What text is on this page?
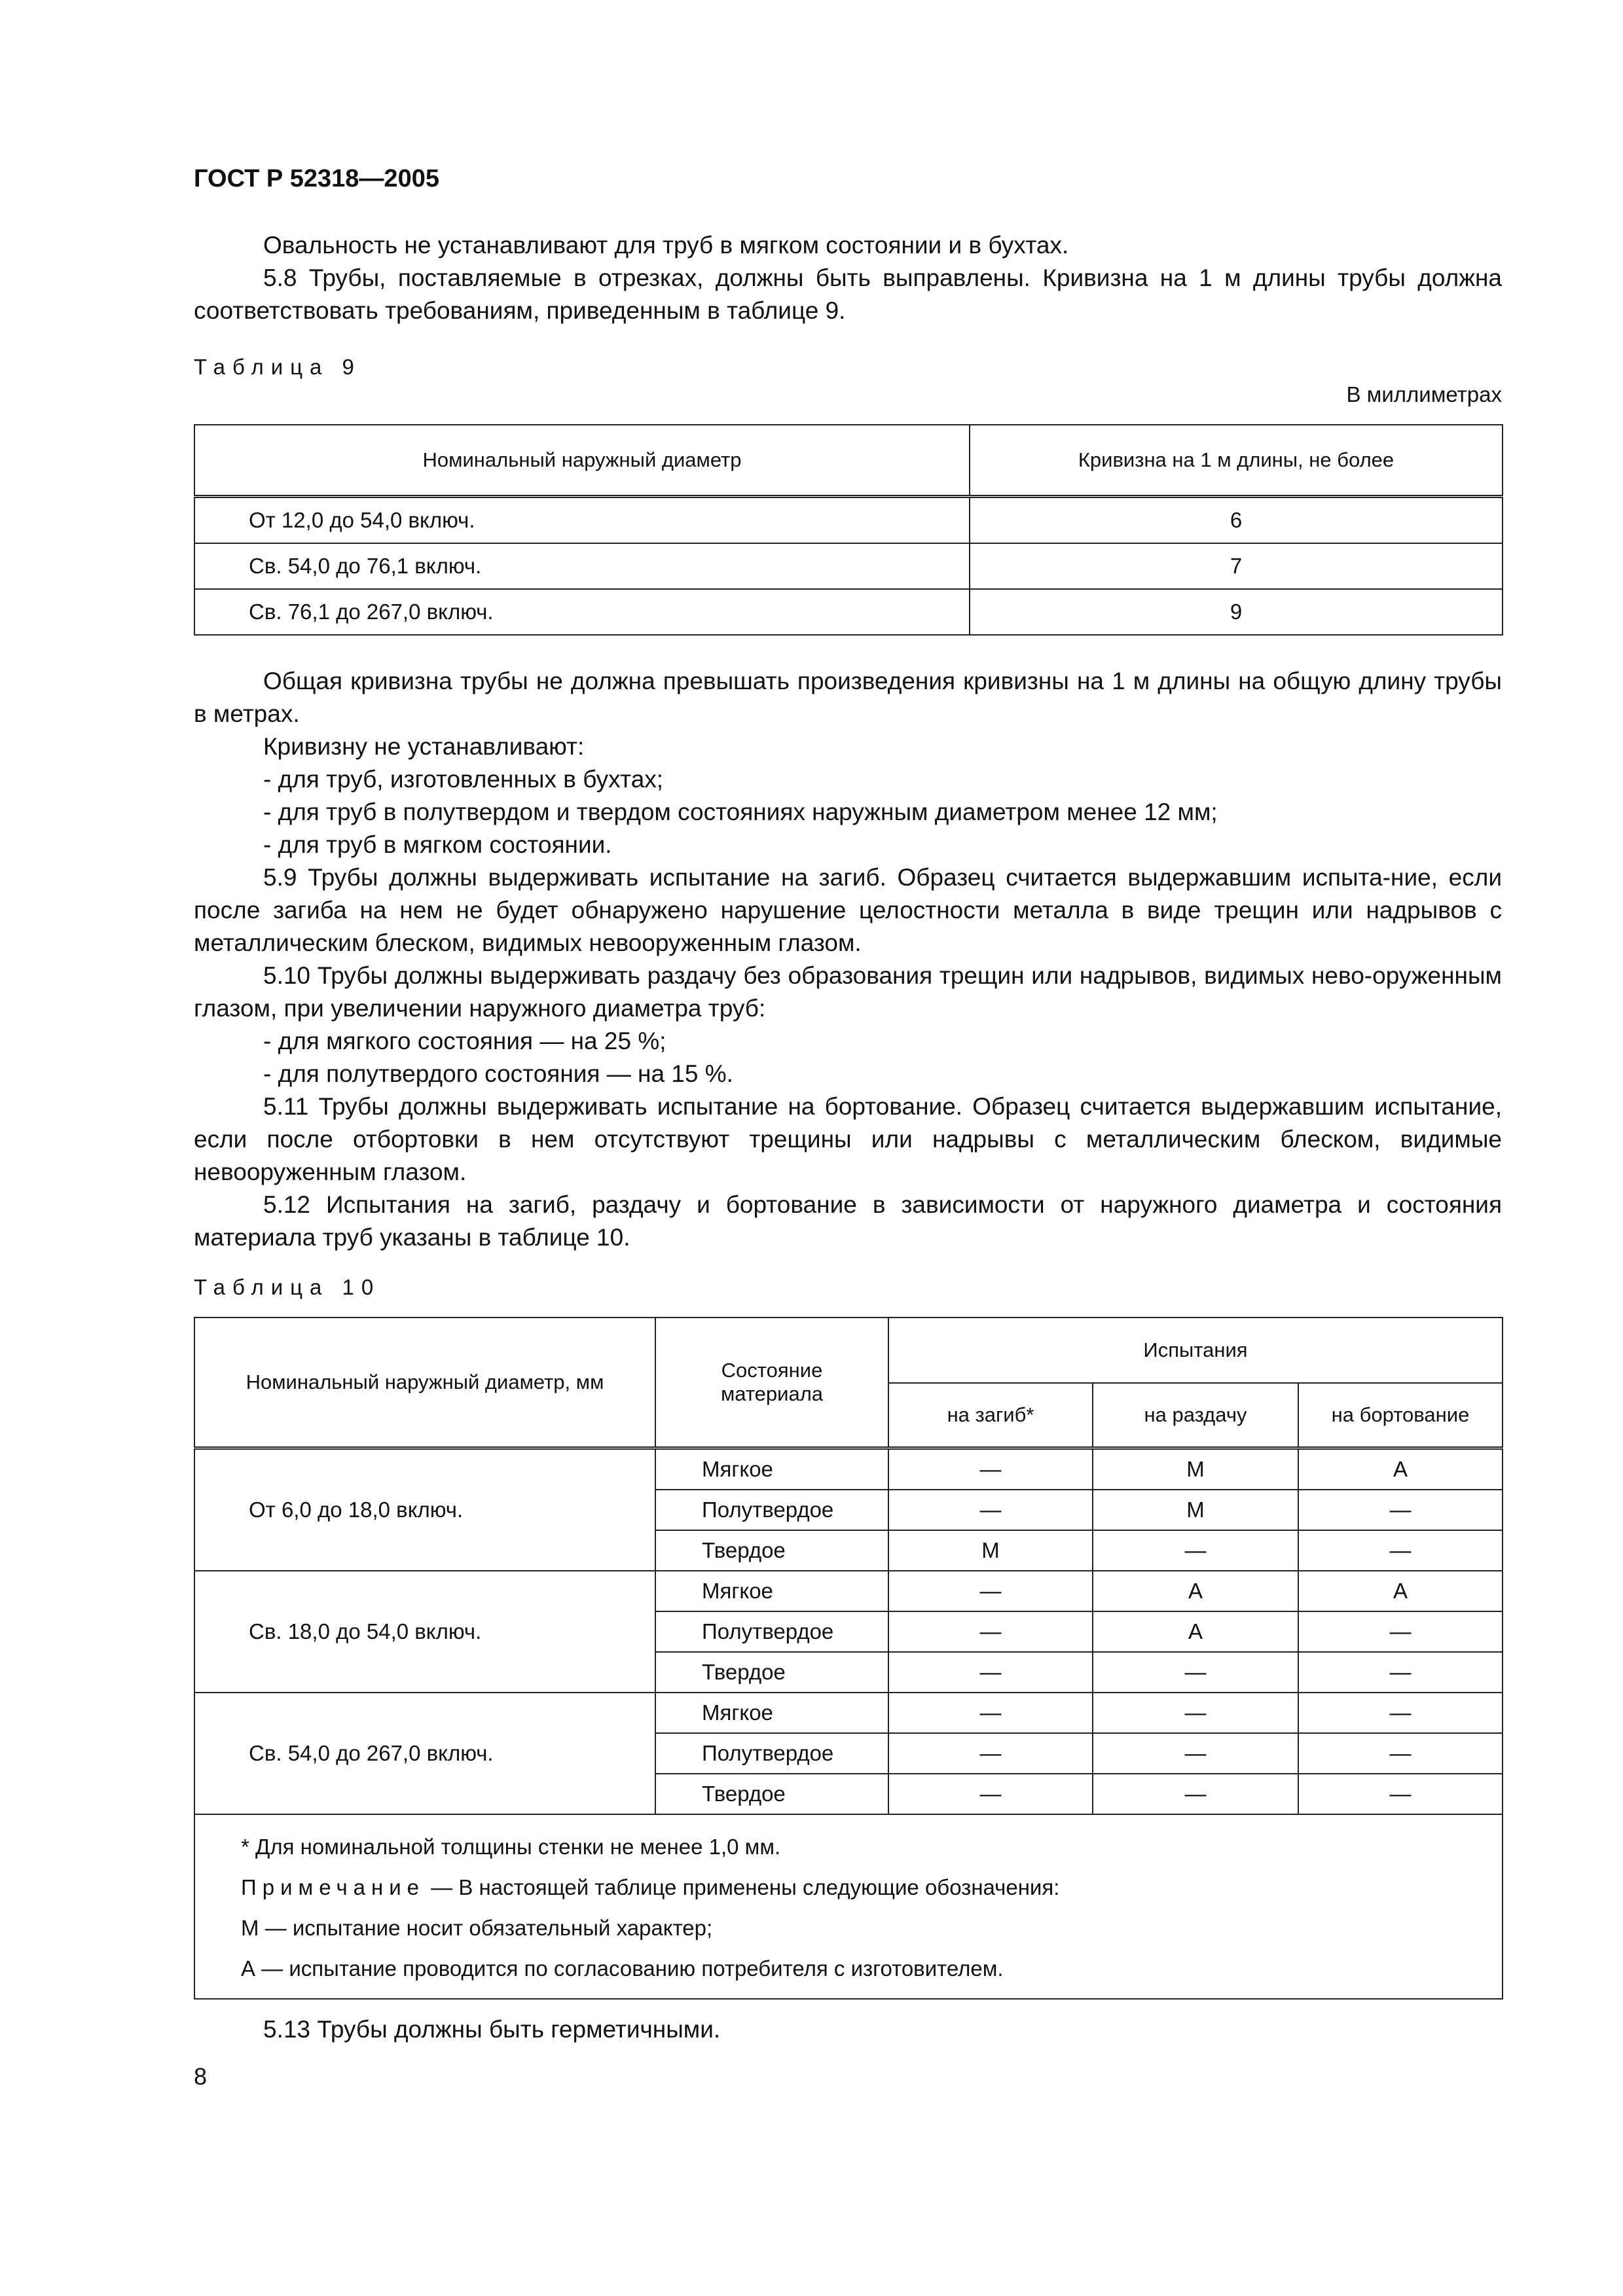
ГОСТ Р 52318—2005
Овальность не устанавливают для труб в мягком состоянии и в бухтах.
5.8 Трубы, поставляемые в отрезках, должны быть выправлены. Кривизна на 1 м длины трубы должна соответствовать требованиям, приведенным в таблице 9.
Таблица 9
В миллиметрах
Номинальный наружный диаметр	Кривизна на 1 м длины, не более
От 12,0 до 54,0 включ.	6
Св. 54,0 до 76,1 включ.	7
Св. 76,1 до 267,0 включ.	9
Общая кривизна трубы не должна превышать произведения кривизны на 1 м длины на общую длину трубы в метрах.
Кривизну не устанавливают:
- для труб, изготовленных в бухтах;
- для труб в полутвердом и твердом состояниях наружным диаметром менее 12 мм;
- для труб в мягком состоянии.
5.9 Трубы должны выдерживать испытание на загиб. Образец считается выдержавшим испыта-ние, если после загиба на нем не будет обнаружено нарушение целостности металла в виде трещин или надрывов с металлическим блеском, видимых невооруженным глазом.
5.10 Трубы должны выдерживать раздачу без образования трещин или надрывов, видимых нево-оруженным глазом, при увеличении наружного диаметра труб:
- для мягкого состояния — на 25 %;
- для полутвердого состояния — на 15 %.
5.11 Трубы должны выдерживать испытание на бортование. Образец считается выдержавшим испытание, если после отбортовки в нем отсутствуют трещины или надрывы с металлическим блеском, видимые невооруженным глазом.
5.12 Испытания на загиб, раздачу и бортование в зависимости от наружного диаметра и состояния материала труб указаны в таблице 10.
Таблица 10
Номинальный наружный диаметр, мм	Состояние материала	Испытания		
		на загиб*	на раздачу	на бортование
От 6,0 до 18,0 включ.	Мягкое	—	М	А
	Полутвердое	—	М	—
	Твердое	М	—	—
Св. 18,0 до 54,0 включ.	Мягкое	—	А	А
	Полутвердое	—	А	—
	Твердое	—	—	—
Св. 54,0 до 267,0 включ.	Мягкое	—	—	—
	Полутвердое	—	—	—
	Твердое	—	—	—

* Для номинальной толщины стенки не менее 1,0 мм.
Примечание — В настоящей таблице применены следующие обозначения:
М — испытание носит обязательный характер;
А — испытание проводится по согласованию потребителя с изготовителем.				
5.13 Трубы должны быть герметичными.
8
